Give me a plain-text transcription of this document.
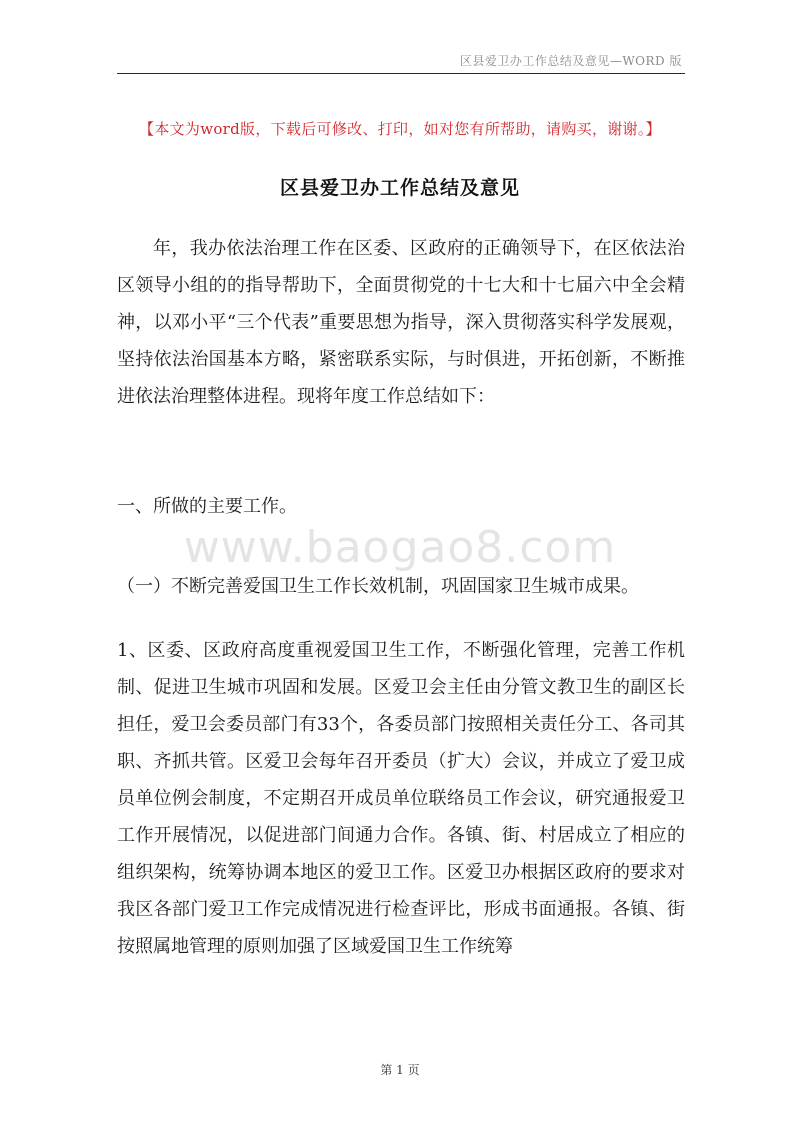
区县爱卫办工作总结及意见—WORD 版
【本文为word版，下载后可修改、打印，如对您有所帮助，请购买，谢谢。】
区县爱卫办工作总结及意见

年，我办依法治理工作在区委、区政府的正确领导下，在区依法治区领导小组的的指导帮助下，全面贯彻党的十七大和十七届六中全会精神，以邓小平“三个代表”重要思想为指导，深入贯彻落实科学发展观，坚持依法治国基本方略，紧密联系实际，与时俱进，开拓创新，不断推进依法治理整体进程。现将年度工作总结如下：

一、所做的主要工作。
www.baogao8.com
（一）不断完善爱国卫生工作长效机制，巩固国家卫生城市成果。

1、区委、区政府高度重视爱国卫生工作，不断强化管理，完善工作机制、促进卫生城市巩固和发展。区爱卫会主任由分管文教卫生的副区长担任，爱卫会委员部门有33个，各委员部门按照相关责任分工、各司其职、齐抓共管。区爱卫会每年召开委员（扩大）会议，并成立了爱卫成员单位例会制度，不定期召开成员单位联络员工作会议，研究通报爱卫工作开展情况，以促进部门间通力合作。各镇、街、村居成立了相应的组织架构，统筹协调本地区的爱卫工作。区爱卫办根据区政府的要求对我区各部门爱卫工作完成情况进行检查评比，形成书面通报。各镇、街按照属地管理的原则加强了区域爱国卫生工作统筹

第 1 页
